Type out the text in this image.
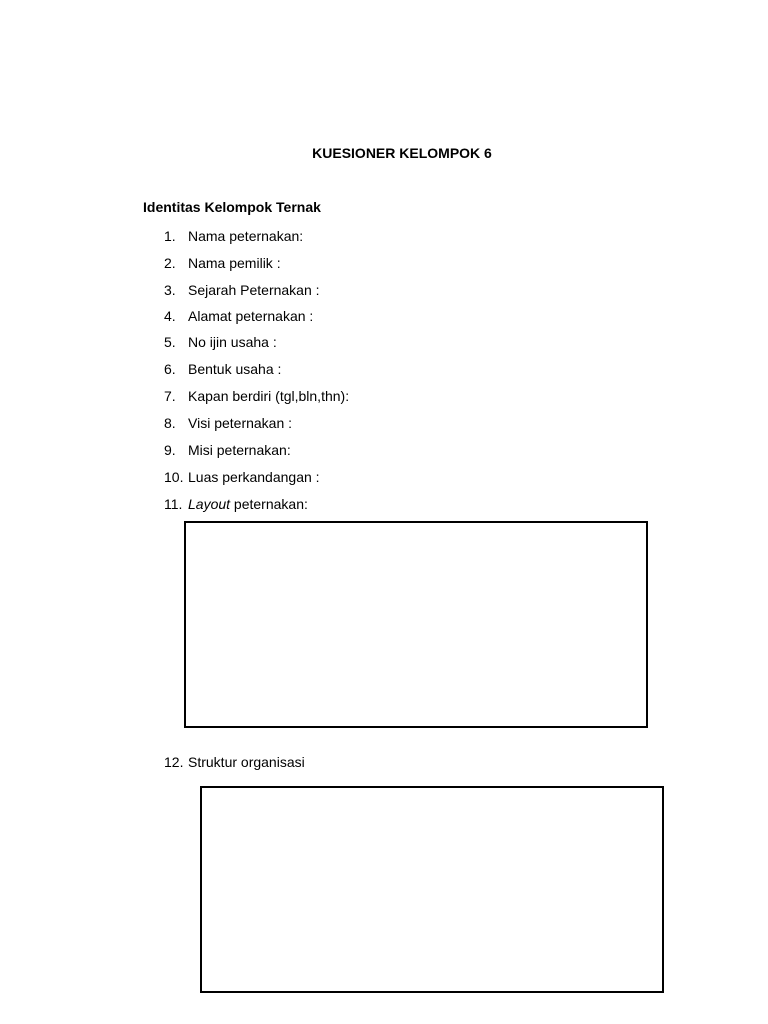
KUESIONER KELOMPOK 6
Identitas Kelompok Ternak
1. Nama peternakan:
2. Nama pemilik :
3. Sejarah Peternakan :
4. Alamat peternakan :
5. No ijin usaha :
6. Bentuk usaha :
7. Kapan berdiri (tgl,bln,thn):
8. Visi peternakan :
9. Misi peternakan:
10. Luas perkandangan :
11. Layout peternakan:
12. Struktur organisasi
